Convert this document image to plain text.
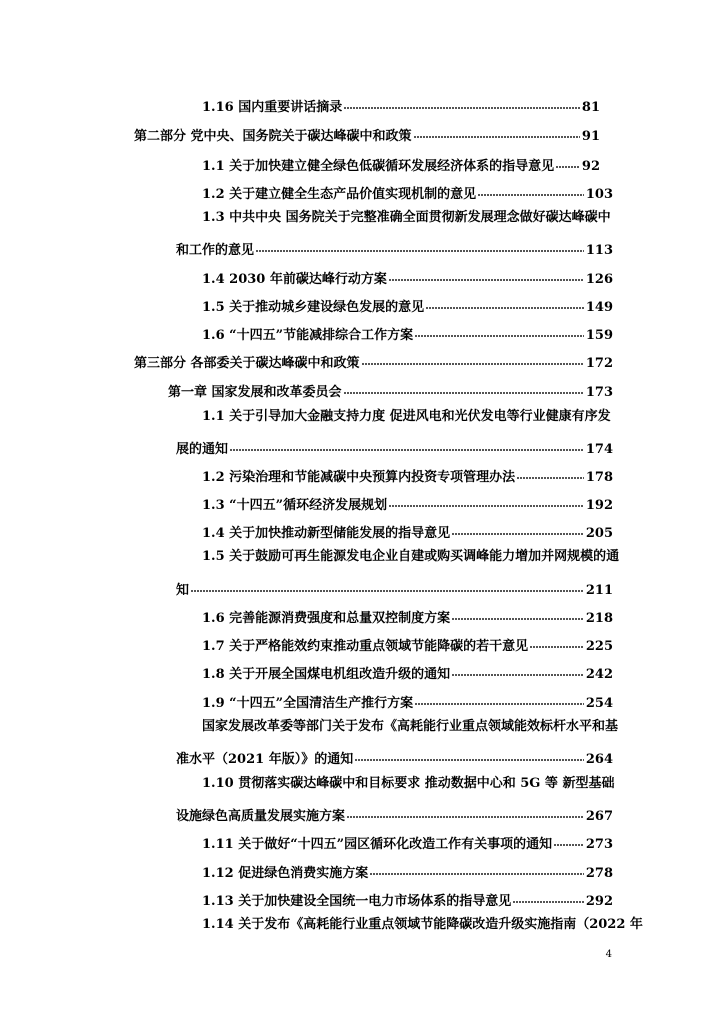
1.16 国内重要讲话摘录	81
第二部分 党中央、国务院关于碳达峰碳中和政策	91
1.1 关于加快建立健全绿色低碳循环发展经济体系的指导意见 92
1.2 关于建立健全生态产品价值实现机制的意见	103
1.3 中共中央 国务院关于完整准确全面贯彻新发展理念做好碳达峰碳中
和工作的意见	113
1.4 2030 年前碳达峰行动方案	126
1.5 关于推动城乡建设绿色发展的意见	149
1.6 “十四五”节能减排综合工作方案	159
第三部分 各部委关于碳达峰碳中和政策	172
第一章 国家发展和改革委员会	173
1.1 关于引导加大金融支持力度 促进风电和光伏发电等行业健康有序发
展的通知	174
1.2 污染治理和节能减碳中央预算内投资专项管理办法	178
1.3 “十四五”循环经济发展规划	192
1.4 关于加快推动新型储能发展的指导意见	205
1.5 关于鼓励可再生能源发电企业自建或购买调峰能力增加并网规模的通
知	211
1.6 完善能源消费强度和总量双控制度方案	218
1.7 关于严格能效约束推动重点领域节能降碳的若干意见	225
1.8 关于开展全国煤电机组改造升级的通知	242
1.9 “十四五”全国清洁生产推行方案	254
国家发展改革委等部门关于发布《高耗能行业重点领域能效标杆水平和基
准水平（2021 年版）》的通知	264
1.10 贯彻落实碳达峰碳中和目标要求 推动数据中心和 5G 等 新型基础
设施绿色高质量发展实施方案	267
1.11 关于做好“十四五”园区循环化改造工作有关事项的通知	273
1.12 促进绿色消费实施方案	278
1.13 关于加快建设全国统一电力市场体系的指导意见	292
1.14 关于发布《高耗能行业重点领域节能降碳改造升级实施指南（2022 年
4
